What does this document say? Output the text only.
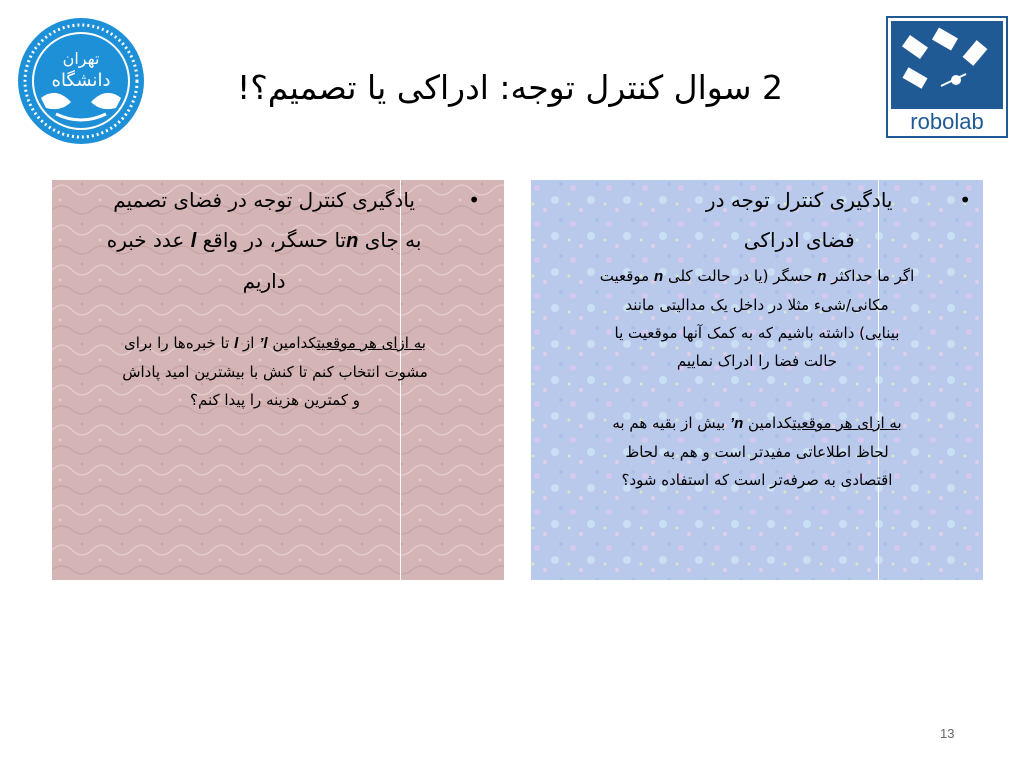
2 سوال کنترل توجه: ادراکی یا تصمیم؟!
تهران
دانشگاه
robolab
•
یادگیری کنترل توجه در فضای تصمیم
به جای nتا حسگر، در واقع l عدد خبره
داریم
به ازای هر موقعیتکدامین l’ از l تا خبره‌ها را برای
مشوت انتخاب کنم تا کنش با بیشترین امید پاداش
و کمترین هزینه را پیدا کنم؟
•
یادگیری کنترل توجه در
فضای ادراکی
اگر ما حداکثر n حسگر (یا در حالت کلی n موقعیت
مکانی/شیء مثلا در داخل یک مدالیتی مانند
بینایی) داشته باشیم که به کمک آنها موقعیت یا
حالت فضا را ادراک نماییم
به ازای هر موقعیتکدامین n’ بیش از بقیه هم به
لحاظ اطلاعاتی مفیدتر است و هم به لحاظ
اقتصادی به صرفه‌تر است که استفاده شود؟
13
